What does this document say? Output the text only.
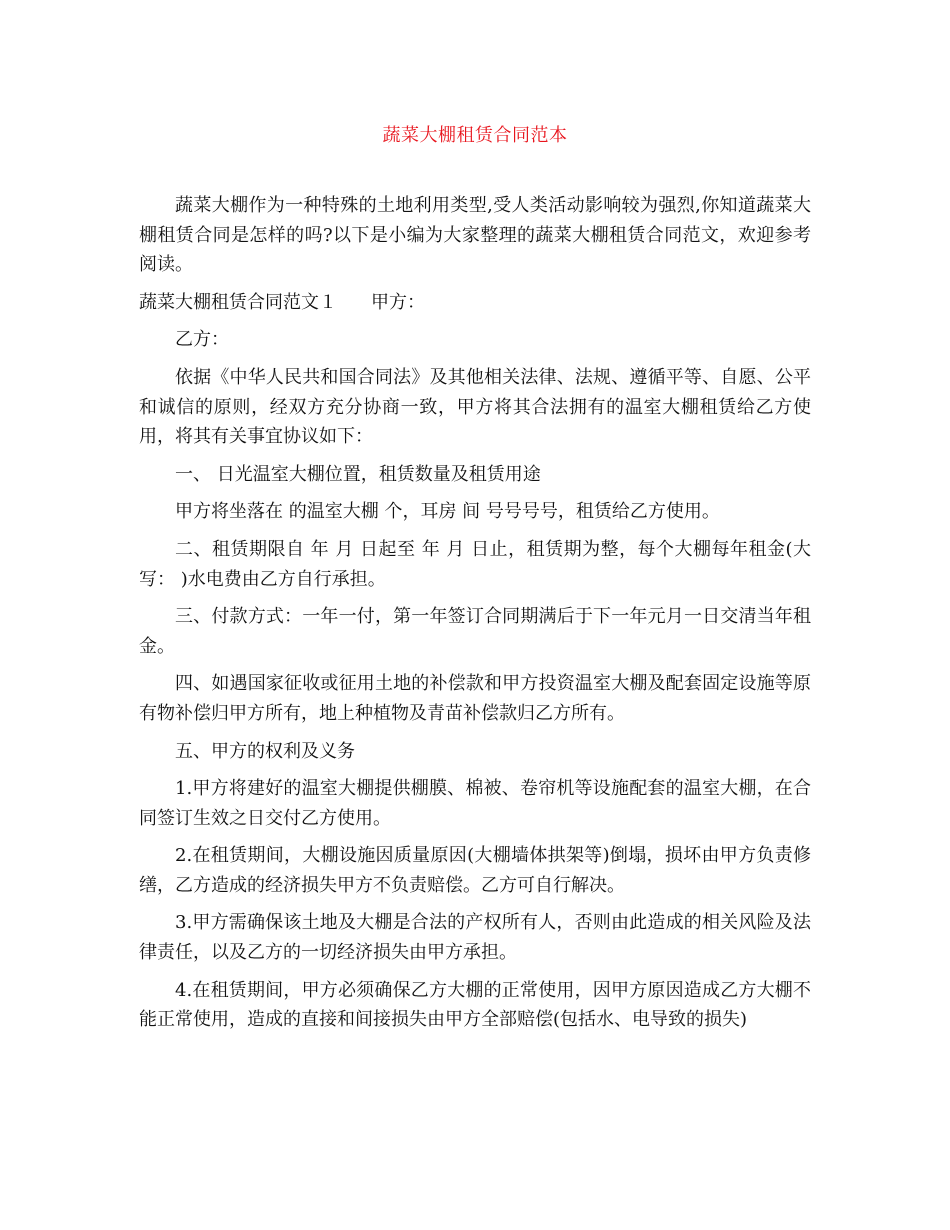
蔬菜大棚租赁合同范本

蔬菜大棚作为一种特殊的土地利用类型,受人类活动影响较为强烈,你知道蔬菜大棚租赁合同是怎样的吗?以下是小编为大家整理的蔬菜大棚租赁合同范文，欢迎参考阅读。

蔬菜大棚租赁合同范文１ 甲方：

乙方：

依据《中华人民共和国合同法》及其他相关法律、法规、遵循平等、自愿、公平和诚信的原则，经双方充分协商一致，甲方将其合法拥有的温室大棚租赁给乙方使用，将其有关事宜协议如下：

一、 日光温室大棚位置，租赁数量及租赁用途

甲方将坐落在 的温室大棚 个，耳房 间 号号号号，租赁给乙方使用。

二、租赁期限自 年 月 日起至 年 月 日止，租赁期为整，每个大棚每年租金(大写： )水电费由乙方自行承担。

三、付款方式：一年一付，第一年签订合同期满后于下一年元月一日交清当年租金。

四、如遇国家征收或征用土地的补偿款和甲方投资温室大棚及配套固定设施等原有物补偿归甲方所有，地上种植物及青苗补偿款归乙方所有。

五、甲方的权利及义务

1.甲方将建好的温室大棚提供棚膜、棉被、卷帘机等设施配套的温室大棚，在合同签订生效之日交付乙方使用。

2.在租赁期间，大棚设施因质量原因(大棚墙体拱架等)倒塌，损坏由甲方负责修缮，乙方造成的经济损失甲方不负责赔偿。乙方可自行解决。

3.甲方需确保该土地及大棚是合法的产权所有人，否则由此造成的相关风险及法律责任，以及乙方的一切经济损失由甲方承担。

4.在租赁期间，甲方必须确保乙方大棚的正常使用，因甲方原因造成乙方大棚不能正常使用，造成的直接和间接损失由甲方全部赔偿(包括水、电导致的损失)
